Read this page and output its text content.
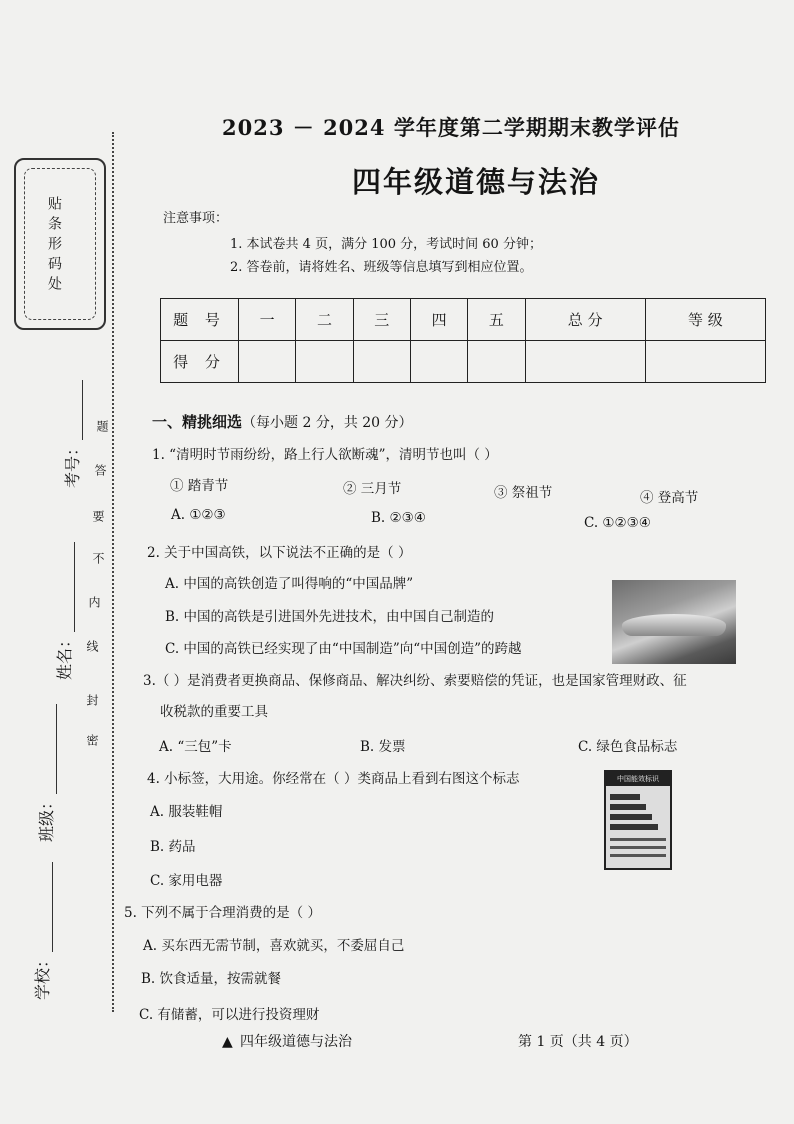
贴条形码处
学校：
班级：
姓名：
考号：
密
封
线
内
不
要
答
题
2023 － 2024 学年度第二学期期末教学评估
四年级道德与法治
注意事项：
1. 本试卷共 4 页，满分 100 分，考试时间 60 分钟；
2. 答卷前，请将姓名、班级等信息填写到相应位置。
题 号	一	二	三	四	五	总 分	等 级
得 分							
一、精挑细选（每小题 2 分，共 20 分）
1. “清明时节雨纷纷，路上行人欲断魂”，清明节也叫（ ）
① 踏青节	② 三月节	③ 祭祖节	④ 登高节
A. ①②③	B. ②③④	C. ①②③④
2. 关于中国高铁，以下说法不正确的是（ ）
A. 中国的高铁创造了叫得响的“中国品牌”
B. 中国的高铁是引进国外先进技术，由中国自己制造的
C. 中国的高铁已经实现了由“中国制造”向“中国创造”的跨越
3.（ ）是消费者更换商品、保修商品、解决纠纷、索要赔偿的凭证，也是国家管理财政、征
收税款的重要工具
A. “三包”卡	B. 发票	C. 绿色食品标志
4. 小标签，大用途。你经常在（ ）类商品上看到右图这个标志
A. 服装鞋帽
B. 药品
C. 家用电器
中国能效标识
5. 下列不属于合理消费的是（ ）
A. 买东西无需节制，喜欢就买，不委屈自己
B. 饮食适量，按需就餐
C. 有储蓄，可以进行投资理财
▲ 四年级道德与法治	第 1 页（共 4 页）
